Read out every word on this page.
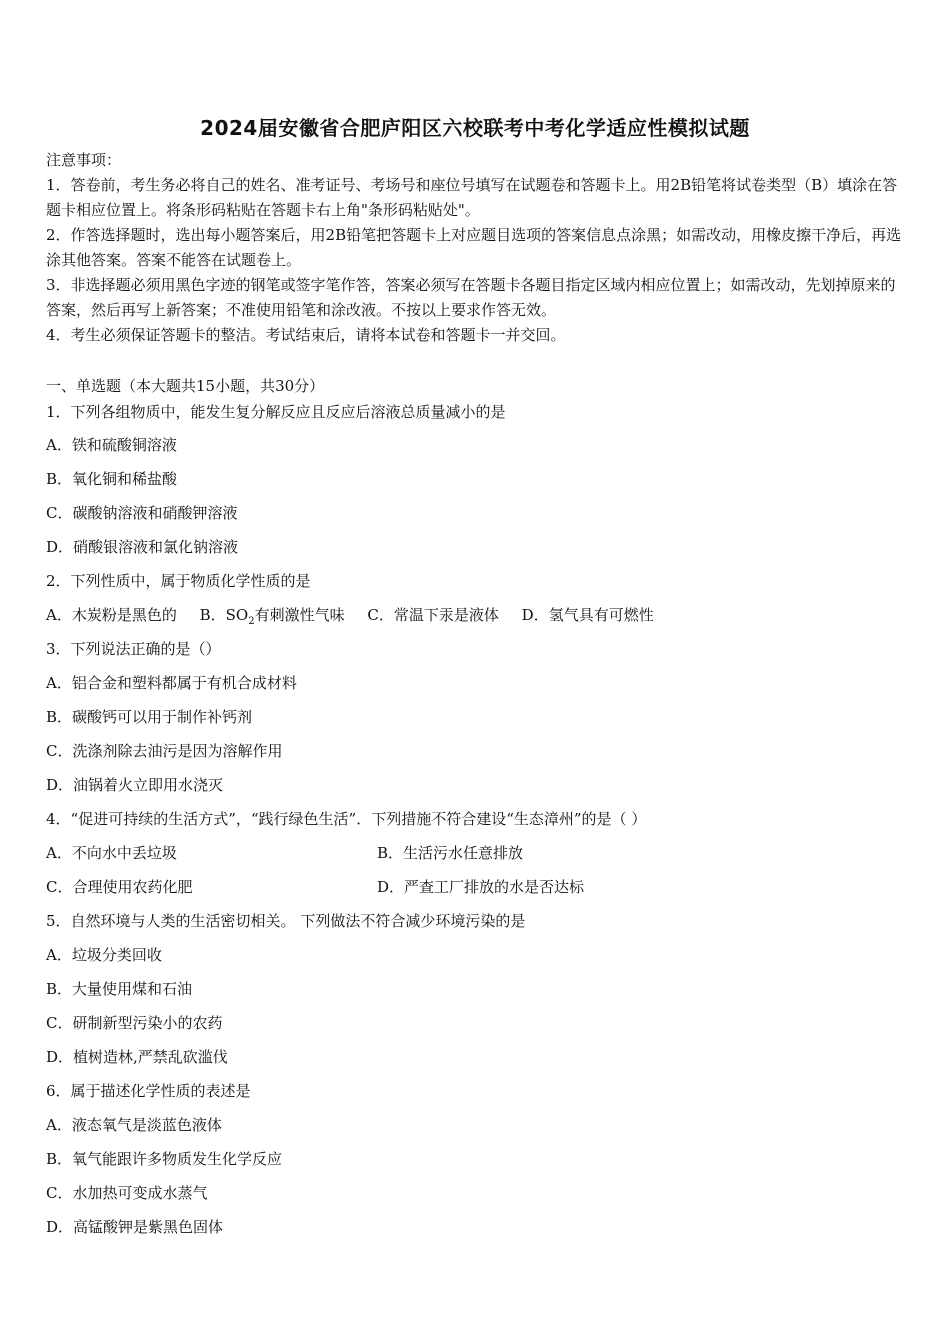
2024届安徽省合肥庐阳区六校联考中考化学适应性模拟试题

注意事项：

1．答卷前，考生务必将自己的姓名、准考证号、考场号和座位号填写在试题卷和答题卡上。用2B铅笔将试卷类型（B）填涂在答题卡相应位置上。将条形码粘贴在答题卡右上角"条形码粘贴处"。

2．作答选择题时，选出每小题答案后，用2B铅笔把答题卡上对应题目选项的答案信息点涂黑；如需改动，用橡皮擦干净后，再选涂其他答案。答案不能答在试题卷上。

3．非选择题必须用黑色字迹的钢笔或签字笔作答，答案必须写在答题卡各题目指定区域内相应位置上；如需改动，先划掉原来的答案，然后再写上新答案；不准使用铅笔和涂改液。不按以上要求作答无效。

4．考生必须保证答题卡的整洁。考试结束后，请将本试卷和答题卡一并交回。

一、单选题（本大题共15小题，共30分）
1．下列各组物质中，能发生复分解反应且反应后溶液总质量减小的是
A．铁和硫酸铜溶液
B．氧化铜和稀盐酸
C．碳酸钠溶液和硝酸钾溶液
D．硝酸银溶液和氯化钠溶液
2．下列性质中，属于物质化学性质的是
A．木炭粉是黑色的 B．$SO_2$有刺激性气味 C．常温下汞是液体 D．氢气具有可燃性
3．下列说法正确的是（）
A．铝合金和塑料都属于有机合成材料
B．碳酸钙可以用于制作补钙剂
C．洗涤剂除去油污是因为溶解作用
D．油锅着火立即用水浇灭
4．“促进可持续的生活方式”，“践行绿色生活”．下列措施不符合建设“生态漳州”的是（ ）
A．不向水中丢垃圾	B．生活污水任意排放
C．合理使用农药化肥	D．严查工厂排放的水是否达标
5．自然环境与人类的生活密切相关。 下列做法不符合减少环境污染的是
A．垃圾分类回收
B．大量使用煤和石油
C．研制新型污染小的农药
D．植树造林,严禁乱砍滥伐
6．属于描述化学性质的表述是
A．液态氧气是淡蓝色液体
B．氧气能跟许多物质发生化学反应
C．水加热可变成水蒸气
D．高锰酸钾是紫黑色固体
